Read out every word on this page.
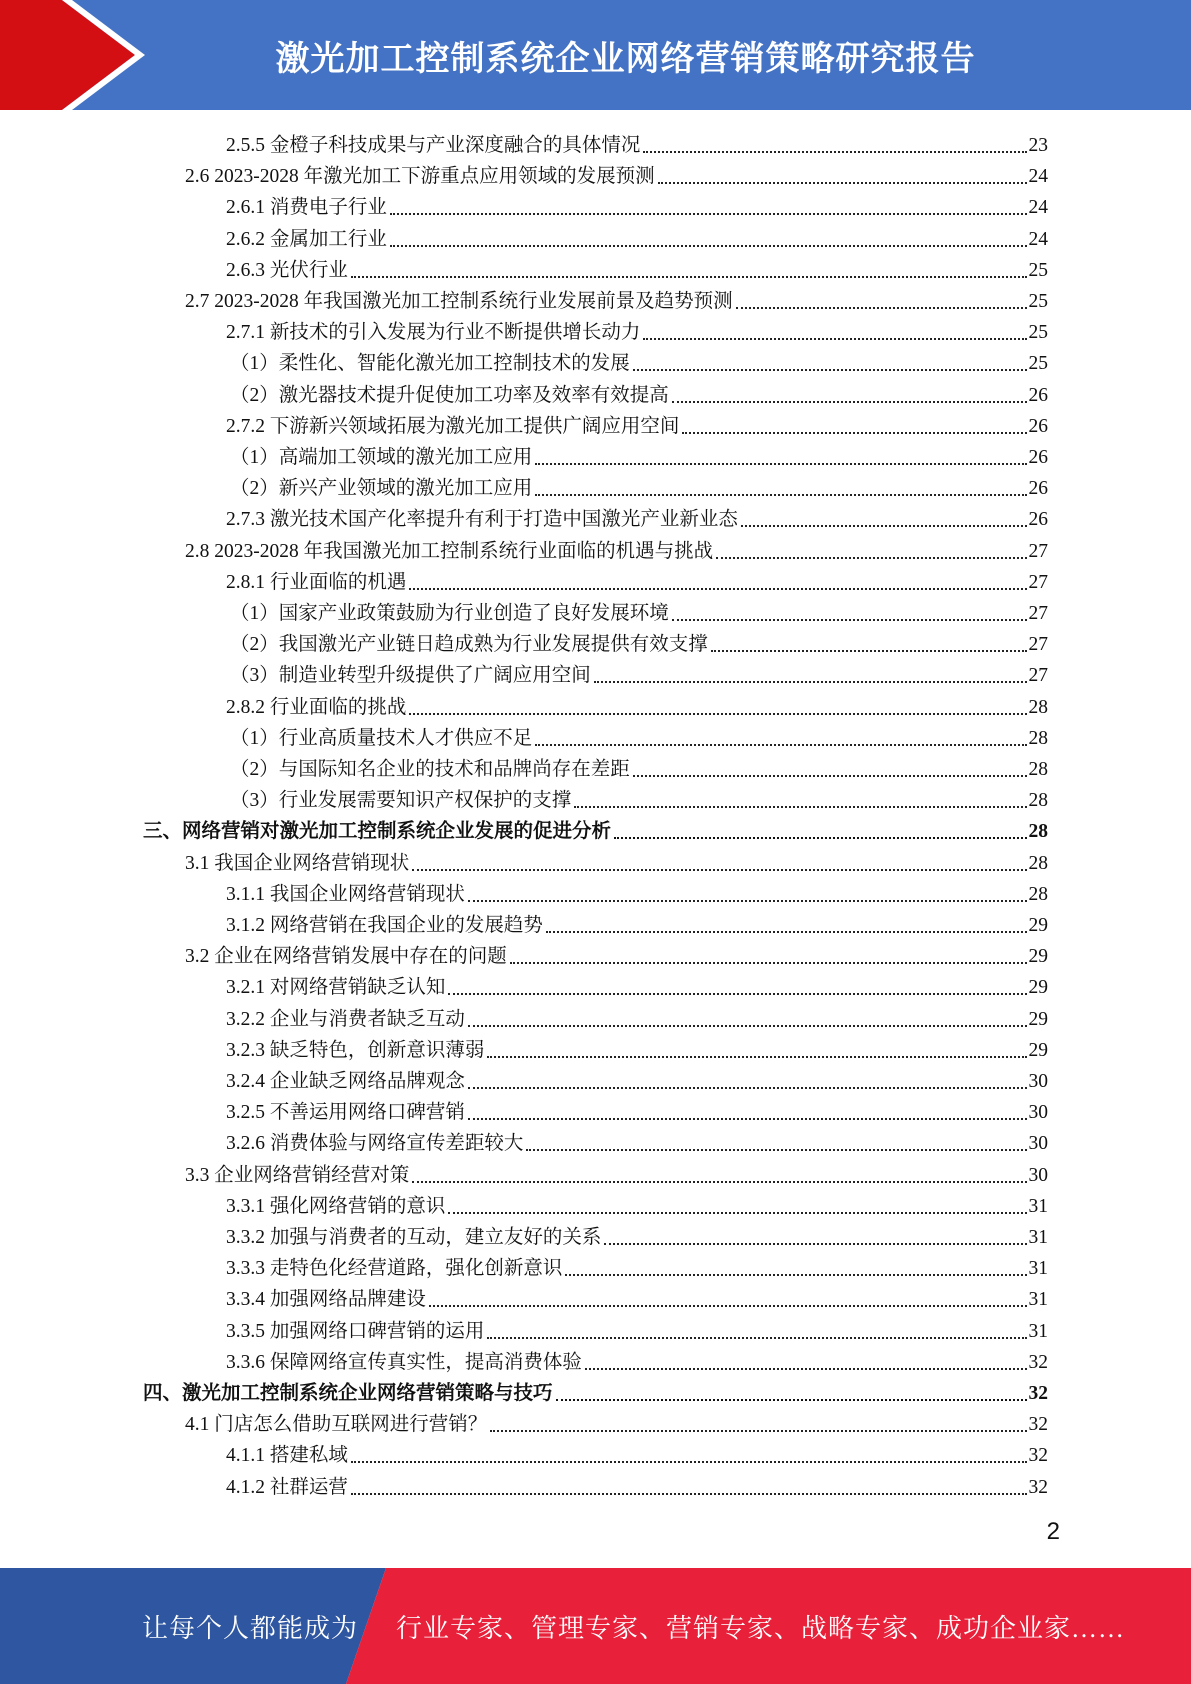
激光加工控制系统企业网络营销策略研究报告
2.5.5 金橙子科技成果与产业深度融合的具体情况	23
2.6 2023-2028 年激光加工下游重点应用领域的发展预测	24
2.6.1 消费电子行业	24
2.6.2 金属加工行业	24
2.6.3 光伏行业	25
2.7 2023-2028 年我国激光加工控制系统行业发展前景及趋势预测	25
2.7.1 新技术的引入发展为行业不断提供增长动力	25
（1）柔性化、智能化激光加工控制技术的发展	25
（2）激光器技术提升促使加工功率及效率有效提高	26
2.7.2 下游新兴领域拓展为激光加工提供广阔应用空间	26
（1）高端加工领域的激光加工应用	26
（2）新兴产业领域的激光加工应用	26
2.7.3 激光技术国产化率提升有利于打造中国激光产业新业态	26
2.8 2023-2028 年我国激光加工控制系统行业面临的机遇与挑战	27
2.8.1 行业面临的机遇	27
（1）国家产业政策鼓励为行业创造了良好发展环境	27
（2）我国激光产业链日趋成熟为行业发展提供有效支撑	27
（3）制造业转型升级提供了广阔应用空间	27
2.8.2 行业面临的挑战	28
（1）行业高质量技术人才供应不足	28
（2）与国际知名企业的技术和品牌尚存在差距	28
（3）行业发展需要知识产权保护的支撑	28
三、网络营销对激光加工控制系统企业发展的促进分析	28
3.1 我国企业网络营销现状	28
3.1.1 我国企业网络营销现状	28
3.1.2 网络营销在我国企业的发展趋势	29
3.2 企业在网络营销发展中存在的问题	29
3.2.1 对网络营销缺乏认知	29
3.2.2 企业与消费者缺乏互动	29
3.2.3 缺乏特色，创新意识薄弱	29
3.2.4 企业缺乏网络品牌观念	30
3.2.5 不善运用网络口碑营销	30
3.2.6 消费体验与网络宣传差距较大	30
3.3 企业网络营销经营对策	30
3.3.1 强化网络营销的意识	31
3.3.2 加强与消费者的互动，建立友好的关系	31
3.3.3 走特色化经营道路，强化创新意识	31
3.3.4 加强网络品牌建设	31
3.3.5 加强网络口碑营销的运用	31
3.3.6 保障网络宣传真实性，提高消费体验	32
四、激光加工控制系统企业网络营销策略与技巧	32
4.1 门店怎么借助互联网进行营销？	32
4.1.1 搭建私域	32
4.1.2 社群运营	32
2
让每个人都能成为 行业专家、管理专家、营销专家、战略专家、成功企业家……
